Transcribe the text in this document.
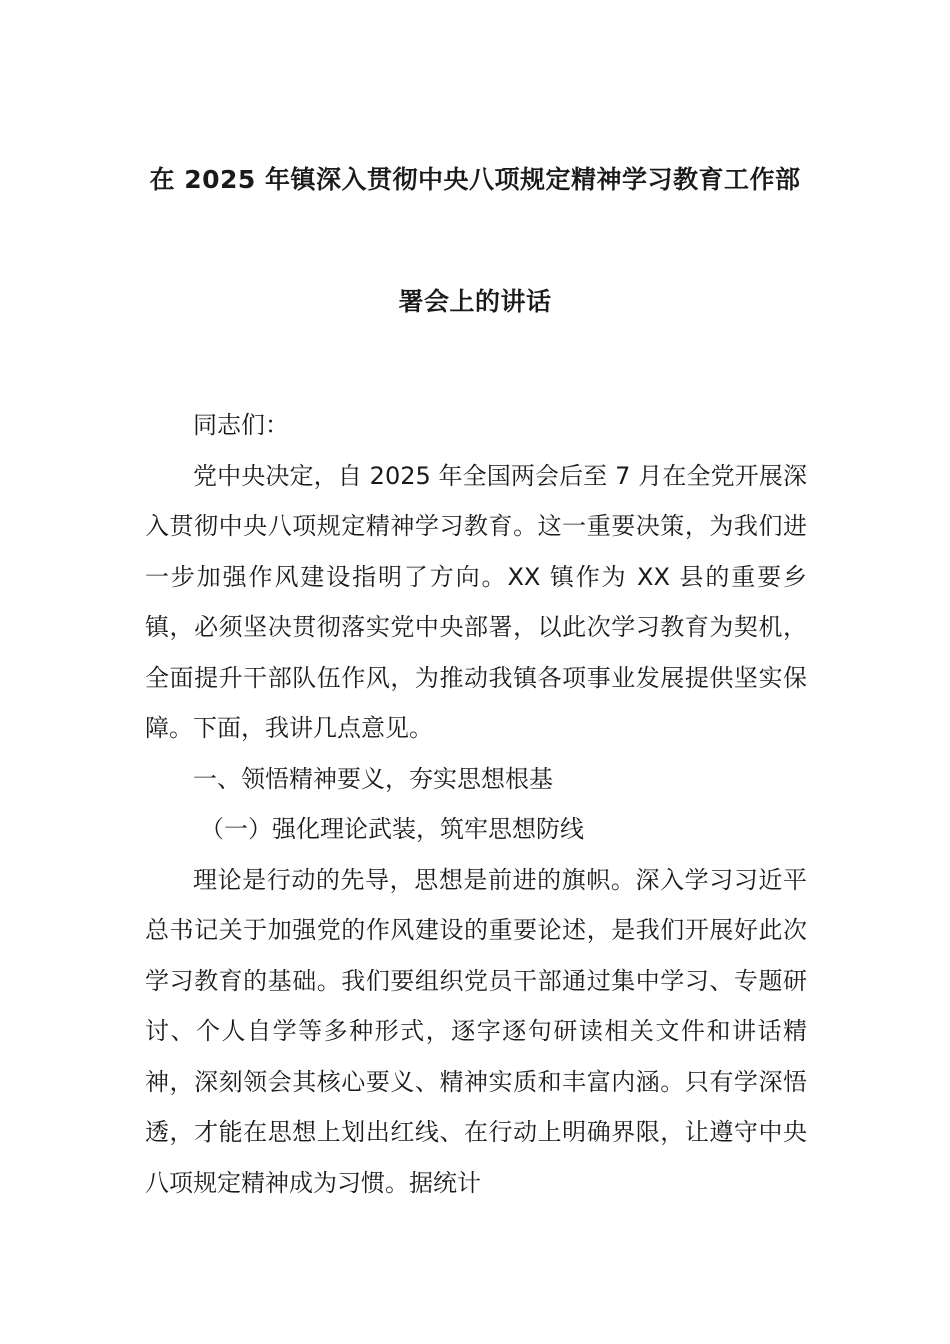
在 2025 年镇深入贯彻中央八项规定精神学习教育工作部
署会上的讲话

同志们：

党中央决定，自 2025 年全国两会后至 7 月在全党开展深入贯彻中央八项规定精神学习教育。这一重要决策，为我们进一步加强作风建设指明了方向。XX 镇作为 XX 县的重要乡镇，必须坚决贯彻落实党中央部署，以此次学习教育为契机，全面提升干部队伍作风，为推动我镇各项事业发展提供坚实保障。下面，我讲几点意见。

一、领悟精神要义，夯实思想根基

（一）强化理论武装，筑牢思想防线

理论是行动的先导，思想是前进的旗帜。深入学习习近平总书记关于加强党的作风建设的重要论述，是我们开展好此次学习教育的基础。我们要组织党员干部通过集中学习、专题研讨、个人自学等多种形式，逐字逐句研读相关文件和讲话精神，深刻领会其核心要义、精神实质和丰富内涵。只有学深悟透，才能在思想上划出红线、在行动上明确界限，让遵守中央八项规定精神成为习惯。据统计
